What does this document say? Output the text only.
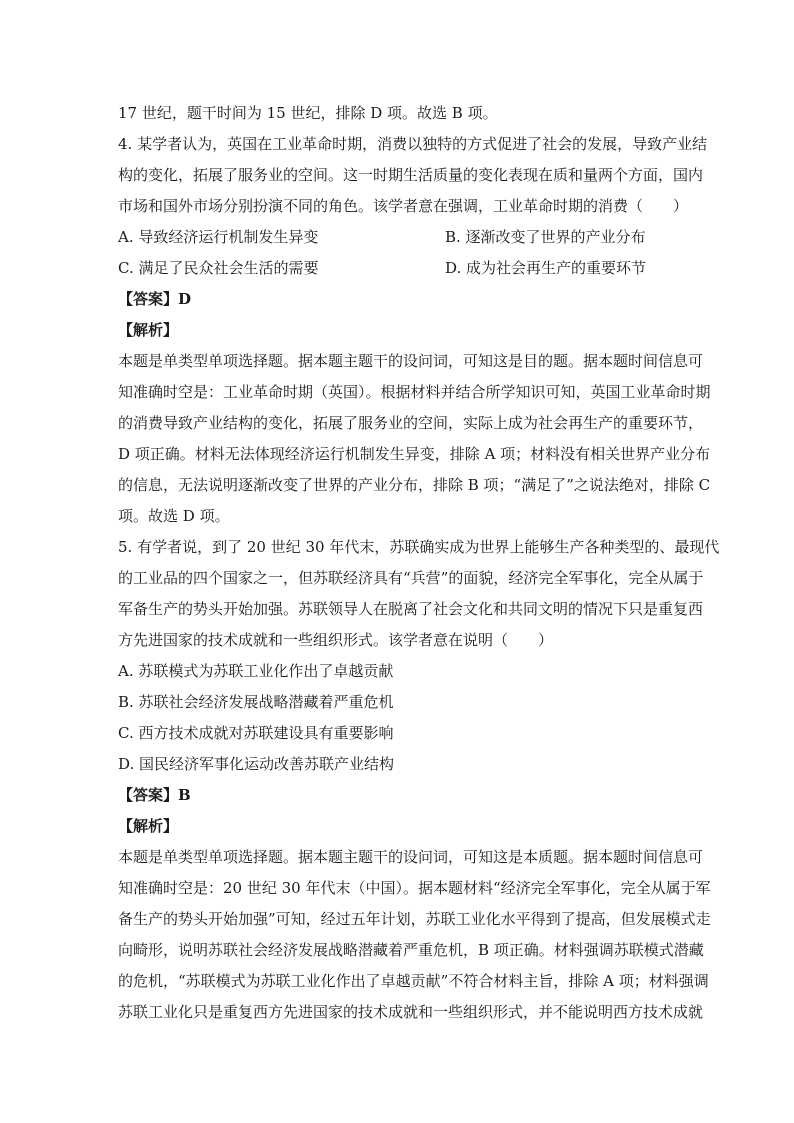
17 世纪，题干时间为 15 世纪，排除 D 项。故选 B 项。
4. 某学者认为，英国在工业革命时期，消费以独特的方式促进了社会的发展，导致产业结
构的变化，拓展了服务业的空间。这一时期生活质量的变化表现在质和量两个方面，国内
市场和国外市场分别扮演不同的角色。该学者意在强调，工业革命时期的消费（　　）
A. 导致经济运行机制发生异变	B. 逐渐改变了世界的产业分布
C. 满足了民众社会生活的需要	D. 成为社会再生产的重要环节
【答案】D
【解析】
本题是单类型单项选择题。据本题主题干的设问词，可知这是目的题。据本题时间信息可
知准确时空是：工业革命时期（英国）。根据材料并结合所学知识可知，英国工业革命时期
的消费导致产业结构的变化，拓展了服务业的空间，实际上成为社会再生产的重要环节，
D 项正确。材料无法体现经济运行机制发生异变，排除 A 项；材料没有相关世界产业分布
的信息，无法说明逐渐改变了世界的产业分布，排除 B 项；“满足了”之说法绝对，排除 C
项。故选 D 项。
5. 有学者说，到了 20 世纪 30 年代末，苏联确实成为世界上能够生产各种类型的、最现代
的工业品的四个国家之一，但苏联经济具有“兵营”的面貌，经济完全军事化，完全从属于
军备生产的势头开始加强。苏联领导人在脱离了社会文化和共同文明的情况下只是重复西
方先进国家的技术成就和一些组织形式。该学者意在说明（　　）
A. 苏联模式为苏联工业化作出了卓越贡献
B. 苏联社会经济发展战略潜藏着严重危机
C. 西方技术成就对苏联建设具有重要影响
D. 国民经济军事化运动改善苏联产业结构
【答案】B
【解析】
本题是单类型单项选择题。据本题主题干的设问词，可知这是本质题。据本题时间信息可
知准确时空是：20 世纪 30 年代末（中国）。据本题材料“经济完全军事化，完全从属于军
备生产的势头开始加强”可知，经过五年计划，苏联工业化水平得到了提高，但发展模式走
向畸形，说明苏联社会经济发展战略潜藏着严重危机，B 项正确。材料强调苏联模式潜藏
的危机，“苏联模式为苏联工业化作出了卓越贡献”不符合材料主旨，排除 A 项；材料强调
苏联工业化只是重复西方先进国家的技术成就和一些组织形式，并不能说明西方技术成就
